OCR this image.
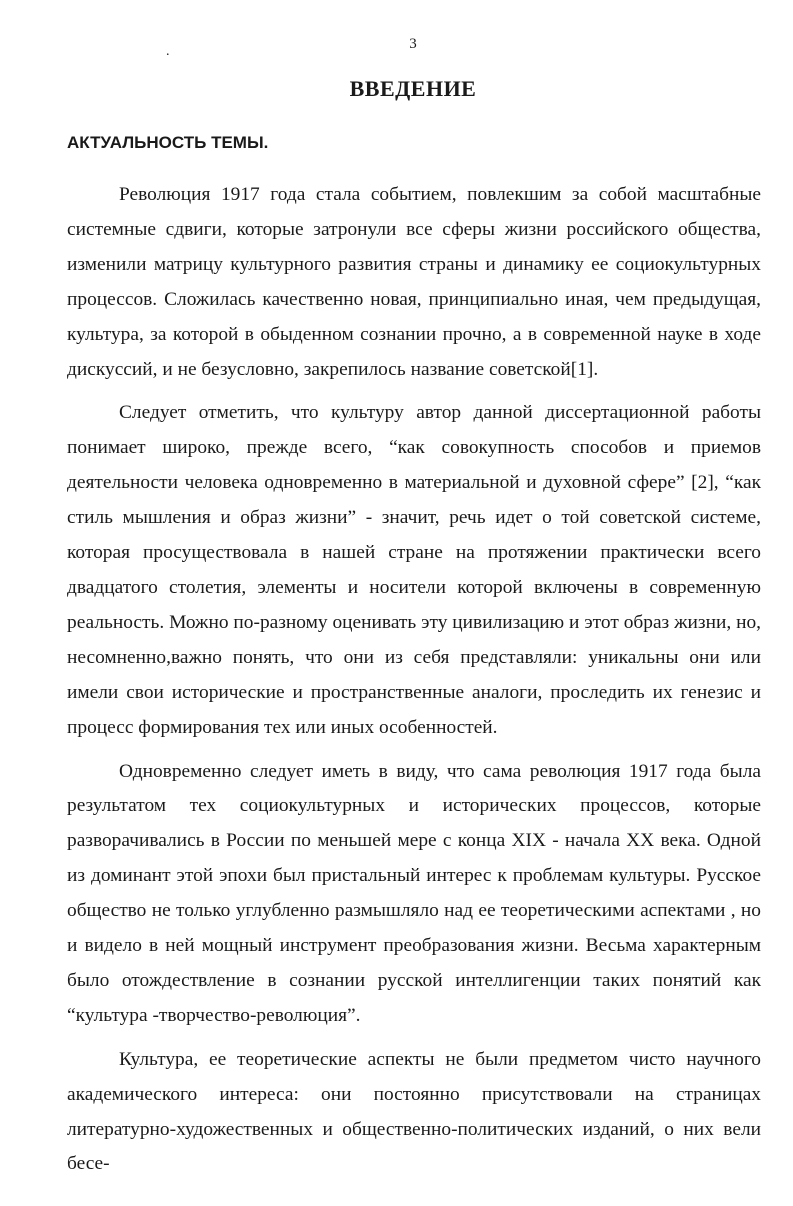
3
.
ВВЕДЕНИЕ
АКТУАЛЬНОСТЬ ТЕМЫ.

Революция 1917 года стала событием, повлекшим за собой масштабные системные сдвиги, которые затронули все сферы жизни российского общества, изменили матрицу культурного развития страны и динамику ее социокультурных процессов. Сложилась качественно новая, принципиально иная, чем предыдущая, культура, за которой в обыденном сознании прочно, а в современной науке в ходе дискуссий, и не безусловно, закрепилось название советской[1].

Следует отметить, что культуру автор данной диссертационной работы понимает широко, прежде всего, “как совокупность способов и приемов деятельности человека одновременно в материальной и духовной сфере” [2], “как стиль мышления и образ жизни” - значит, речь идет о той советской системе, которая просуществовала в нашей стране на протяжении практически всего двадцатого столетия, элементы и носители которой включены в современную реальность. Можно по-разному оценивать эту цивилизацию и этот образ жизни, но, несомненно,важно понять, что они из себя представляли: уникальны они или имели свои исторические и пространственные аналоги, проследить их генезис и процесс формирования тех или иных особенностей.

Одновременно следует иметь в виду, что сама революция 1917 года была результатом тех социокультурных и исторических процессов, которые разворачивались в России по меньшей мере с конца XIX - начала XX века. Одной из доминант этой эпохи был пристальный интерес к проблемам культуры. Русское общество не только углубленно размышляло над ее теоретическими аспектами , но и видело в ней мощный инструмент преобразования жизни. Весьма характерным было отождествление в сознании русской интеллигенции таких понятий как “культура -творчество-революция”.

Культура, ее теоретические аспекты не были предметом чисто научного академического интереса: они постоянно присутствовали на страницах литературно-художественных и общественно-политических изданий, о них вели бесе-
